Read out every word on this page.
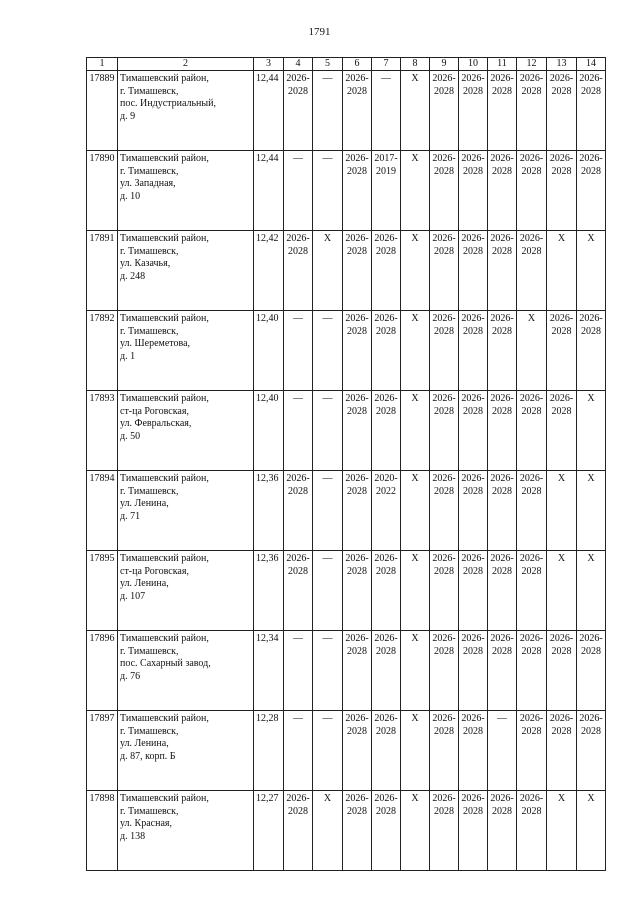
1791
1	2	3	4	5	6	7	8	9	10	11	12	13	14
17889	Тимашевский район,
г. Тимашевск,
пос. Индустриальный,
д. 9	12,44	2026-
2028	—	2026-
2028	—	X	2026-
2028	2026-
2028	2026-
2028	2026-
2028	2026-
2028	2026-
2028

17890	Тимашевский район,
г. Тимашевск,
ул. Западная,
д. 10	12,44	—	—	2026-
2028	2017-
2019	X	2026-
2028	2026-
2028	2026-
2028	2026-
2028	2026-
2028	2026-
2028

17891	Тимашевский район,
г. Тимашевск,
ул. Казачья,
д. 248	12,42	2026-
2028	X	2026-
2028	2026-
2028	X	2026-
2028	2026-
2028	2026-
2028	2026-
2028	X	X

17892	Тимашевский район,
г. Тимашевск,
ул. Шереметова,
д. 1	12,40	—	—	2026-
2028	2026-
2028	X	2026-
2028	2026-
2028	2026-
2028	X	2026-
2028	2026-
2028

17893	Тимашевский район,
ст-ца Роговская,
ул. Февральская,
д. 50	12,40	—	—	2026-
2028	2026-
2028	X	2026-
2028	2026-
2028	2026-
2028	2026-
2028	2026-
2028	X

17894	Тимашевский район,
г. Тимашевск,
ул. Ленина,
д. 71	12,36	2026-
2028	—	2026-
2028	2020-
2022	X	2026-
2028	2026-
2028	2026-
2028	2026-
2028	X	X

17895	Тимашевский район,
ст-ца Роговская,
ул. Ленина,
д. 107	12,36	2026-
2028	—	2026-
2028	2026-
2028	X	2026-
2028	2026-
2028	2026-
2028	2026-
2028	X	X

17896	Тимашевский район,
г. Тимашевск,
пос. Сахарный завод,
д. 76	12,34	—	—	2026-
2028	2026-
2028	X	2026-
2028	2026-
2028	2026-
2028	2026-
2028	2026-
2028	2026-
2028

17897	Тимашевский район,
г. Тимашевск,
ул. Ленина,
д. 87, корп. Б	12,28	—	—	2026-
2028	2026-
2028	X	2026-
2028	2026-
2028	—	2026-
2028	2026-
2028	2026-
2028

17898	Тимашевский район,
г. Тимашевск,
ул. Красная,
д. 138	12,27	2026-
2028	X	2026-
2028	2026-
2028	X	2026-
2028	2026-
2028	2026-
2028	2026-
2028	X	X
